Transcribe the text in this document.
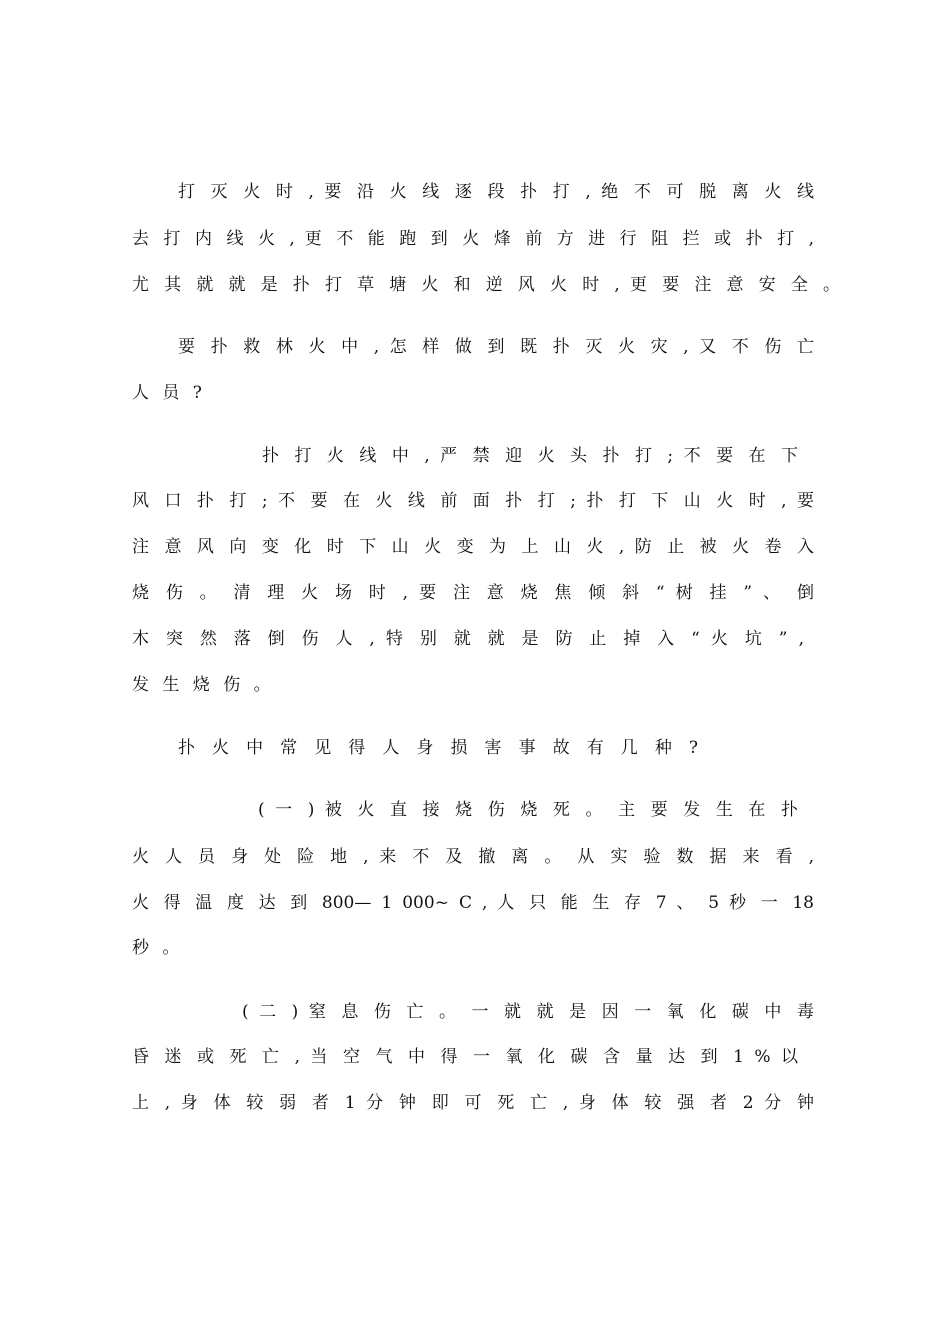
打 灭 火 时 , 要 沿 火 线 逐 段 扑 打 , 绝 不 可 脱 离 火 线

去 打 内 线 火 , 更 不 能 跑 到 火 烽 前 方 进 行 阻 拦 或 扑 打 ,

尤 其 就 就 是 扑 打 草 塘 火 和 逆 风 火 时 , 更 要 注 意 安 全 。

要 扑 救 林 火 中 , 怎 样 做 到 既 扑 灭 火 灾 , 又 不 伤 亡

人 员 ?

扑 打 火 线 中 , 严 禁 迎 火 头 扑 打 ; 不 要 在 下

风 口 扑 打 ; 不 要 在 火 线 前 面 扑 打 ; 扑 打 下 山 火 时 , 要

注 意 风 向 变 化 时 下 山 火 变 为 上 山 火 , 防 止 被 火 卷 入

烧 伤 。 清 理 火 场 时 , 要 注 意 烧 焦 倾 斜 “ 树 挂 ” 、 倒

木 突 然 落 倒 伤 人 , 特 别 就 就 是 防 止 掉 入 “ 火 坑 ” ,

发 生 烧 伤 。

扑 火 中 常 见 得 人 身 损 害 事 故 有 几 种 ?

( 一 ) 被 火 直 接 烧 伤 烧 死 。 主 要 发 生 在 扑

火 人 员 身 处 险 地 , 来 不 及 撤 离 。 从 实 验 数 据 来 看 ,

火 得 温 度 达 到 800— 1 000~ C , 人 只 能 生 存 7 、 5 秒 一 18

秒 。

( 二 ) 窒 息 伤 亡 。 一 就 就 是 因 一 氧 化 碳 中 毒

昏 迷 或 死 亡 , 当 空 气 中 得 一 氧 化 碳 含 量 达 到 1 % 以

上 , 身 体 较 弱 者 1 分 钟 即 可 死 亡 , 身 体 较 强 者 2 分 钟
